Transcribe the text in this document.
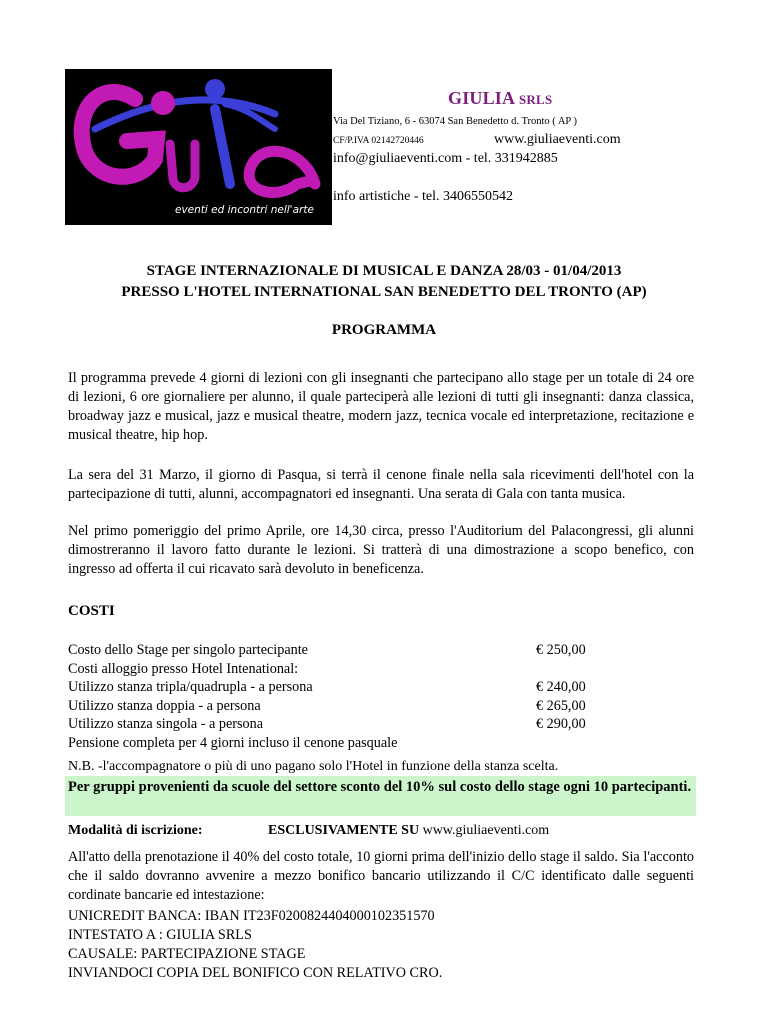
eventi ed incontri nell'arte
GIULIA SRLS
Via Del Tiziano, 6 - 63074 San Benedetto d. Tronto ( AP )
CF/P.IVA 02142720446	www.giuliaeventi.com
info@giuliaeventi.com - tel. 331942885
info artistiche - tel. 3406550542
STAGE INTERNAZIONALE DI MUSICAL E DANZA 28/03 - 01/04/2013
PRESSO L'HOTEL INTERNATIONAL SAN BENEDETTO DEL TRONTO (AP)
PROGRAMMA
Il programma prevede 4 giorni di lezioni con gli insegnanti che partecipano allo stage per un totale di 24 ore di lezioni, 6 ore giornaliere per alunno, il quale parteciperà alle lezioni di tutti gli insegnanti: danza classica, broadway jazz e musical, jazz e musical theatre, modern jazz, tecnica vocale ed interpretazione, recitazione e musical theatre, hip hop.
La sera del 31 Marzo, il giorno di Pasqua, si terrà il cenone finale nella sala ricevimenti dell'hotel con la partecipazione di tutti, alunni, accompagnatori ed insegnanti. Una serata di Gala con tanta musica.
Nel primo pomeriggio del primo Aprile, ore 14,30 circa, presso l'Auditorium del Palacongressi, gli alunni dimostreranno il lavoro fatto durante le lezioni. Si tratterà di una dimostrazione a scopo benefico, con ingresso ad offerta il cui ricavato sarà devoluto in beneficenza.
COSTI
Costo dello Stage per singolo partecipante	€ 250,00
Costi alloggio presso Hotel Intenational:
Utilizzo stanza tripla/quadrupla - a persona	€ 240,00
Utilizzo stanza doppia - a persona	€ 265,00
Utilizzo stanza singola - a persona	€ 290,00
Pensione completa per 4 giorni incluso il cenone pasquale
N.B. -l'accompagnatore o più di uno pagano solo l'Hotel in funzione della stanza scelta.
Per gruppi provenienti da scuole del settore sconto del 10% sul costo dello stage ogni 10 partecipanti.
Modalità di iscrizione:	ESCLUSIVAMENTE SU www.giuliaeventi.com
All'atto della prenotazione il 40% del costo totale, 10 giorni prima dell'inizio dello stage il saldo. Sia l'acconto che il saldo dovranno avvenire a mezzo bonifico bancario utilizzando il C/C identificato dalle seguenti cordinate bancarie ed intestazione:
UNICREDIT BANCA: IBAN IT23F0200824404000102351570
INTESTATO A : GIULIA SRLS
CAUSALE: PARTECIPAZIONE STAGE
INVIANDOCI COPIA DEL BONIFICO CON RELATIVO CRO.
